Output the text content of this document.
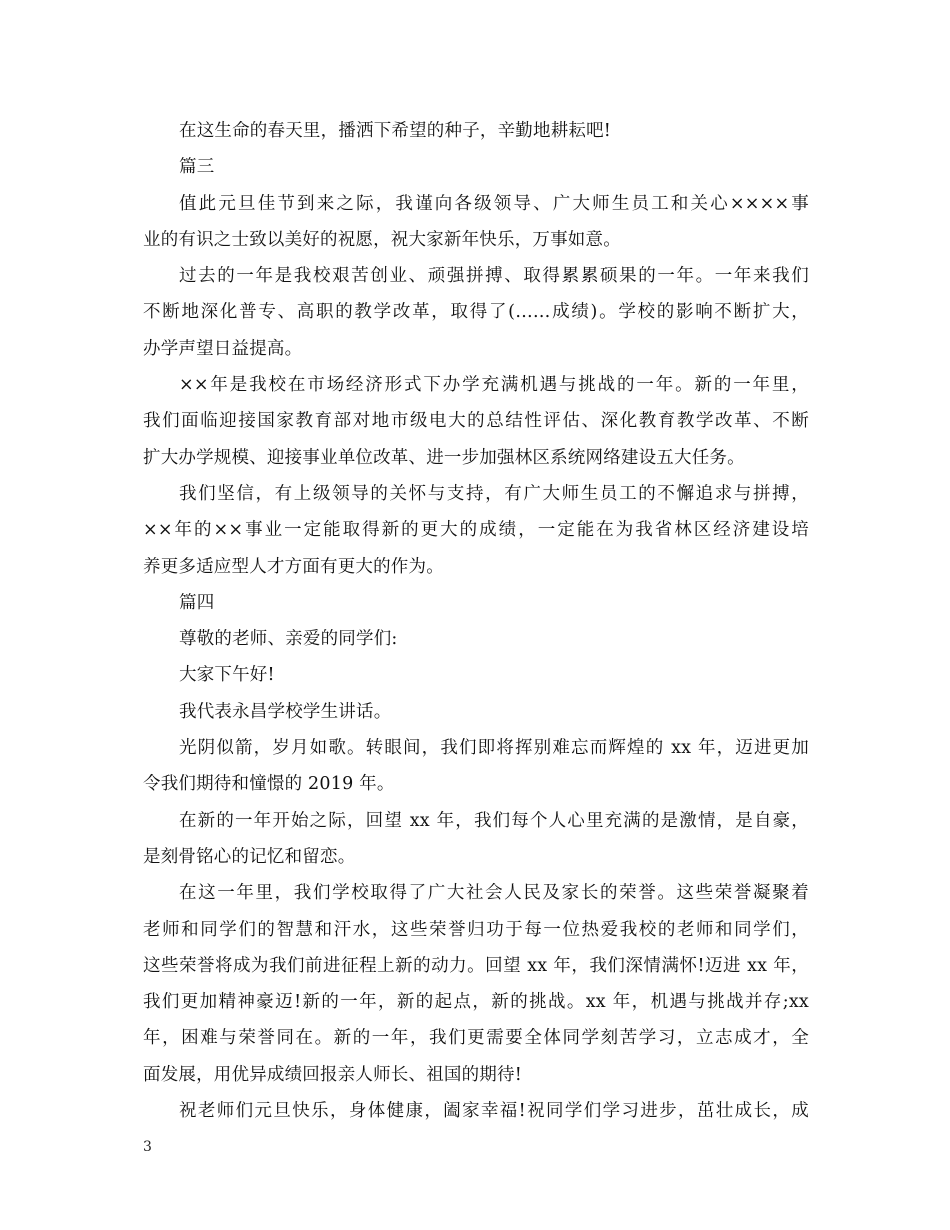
在这生命的春天里，播洒下希望的种子，辛勤地耕耘吧!
篇三
值此元旦佳节到来之际，我谨向各级领导、广大师生员工和关心××××事
业的有识之士致以美好的祝愿，祝大家新年快乐，万事如意。
过去的一年是我校艰苦创业、顽强拼搏、取得累累硕果的一年。一年来我们
不断地深化普专、高职的教学改革，取得了(……成绩)。学校的影响不断扩大，
办学声望日益提高。
××年是我校在市场经济形式下办学充满机遇与挑战的一年。新的一年里，
我们面临迎接国家教育部对地市级电大的总结性评估、深化教育教学改革、不断
扩大办学规模、迎接事业单位改革、进一步加强林区系统网络建设五大任务。
我们坚信，有上级领导的关怀与支持，有广大师生员工的不懈追求与拼搏，
××年的××事业一定能取得新的更大的成绩，一定能在为我省林区经济建设培
养更多适应型人才方面有更大的作为。
篇四
尊敬的老师、亲爱的同学们:
大家下午好!
我代表永昌学校学生讲话。
光阴似箭，岁月如歌。转眼间，我们即将挥别难忘而辉煌的 xx 年，迈进更加
令我们期待和憧憬的 2019 年。
在新的一年开始之际，回望 xx 年，我们每个人心里充满的是激情，是自豪，
是刻骨铭心的记忆和留恋。
在这一年里，我们学校取得了广大社会人民及家长的荣誉。这些荣誉凝聚着
老师和同学们的智慧和汗水，这些荣誉归功于每一位热爱我校的老师和同学们，
这些荣誉将成为我们前进征程上新的动力。回望 xx 年，我们深情满怀!迈进 xx 年，
我们更加精神豪迈!新的一年，新的起点，新的挑战。xx 年，机遇与挑战并存;xx
年，困难与荣誉同在。新的一年，我们更需要全体同学刻苦学习，立志成才，全
面发展，用优异成绩回报亲人师长、祖国的期待!
祝老师们元旦快乐，身体健康，阖家幸福!祝同学们学习进步，茁壮成长，成
3
